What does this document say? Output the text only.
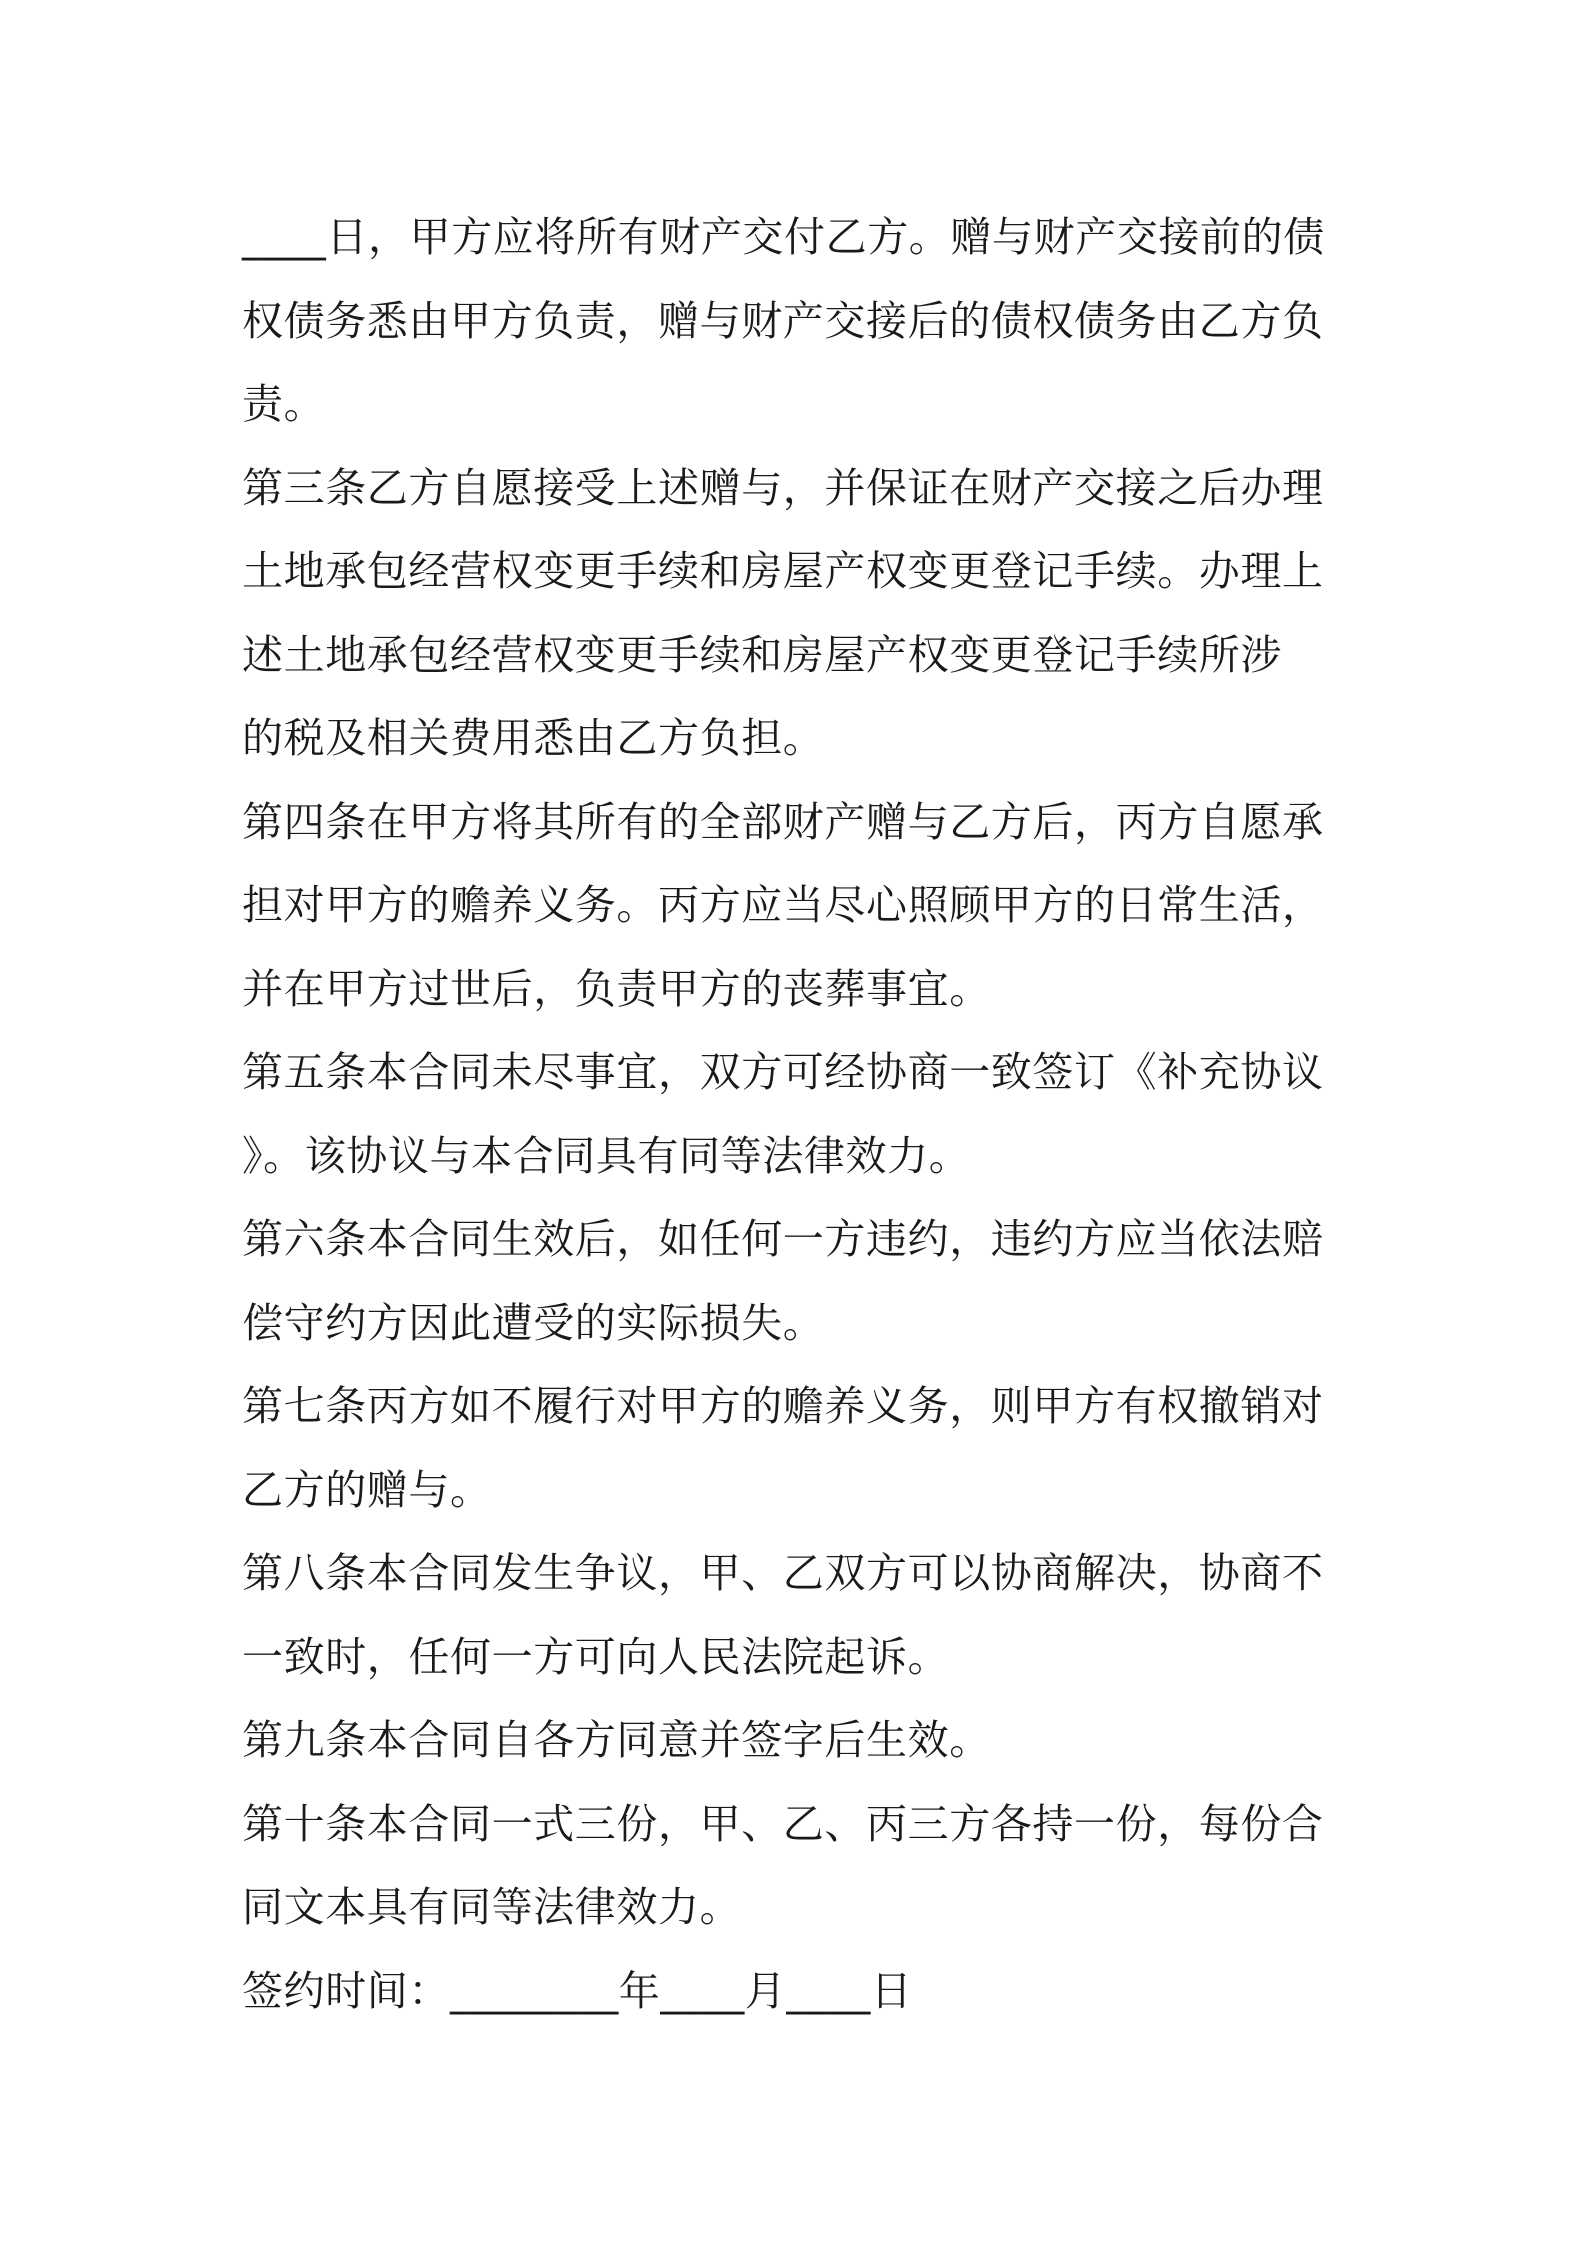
____日，甲方应将所有财产交付乙方。赠与财产交接前的债
权债务悉由甲方负责，赠与财产交接后的债权债务由乙方负
责。
第三条乙方自愿接受上述赠与，并保证在财产交接之后办理
土地承包经营权变更手续和房屋产权变更登记手续。办理上
述土地承包经营权变更手续和房屋产权变更登记手续所涉
的税及相关费用悉由乙方负担。
第四条在甲方将其所有的全部财产赠与乙方后，丙方自愿承
担对甲方的赡养义务。丙方应当尽心照顾甲方的日常生活，
并在甲方过世后，负责甲方的丧葬事宜。
第五条本合同未尽事宜，双方可经协商一致签订《补充协议
》。该协议与本合同具有同等法律效力。
第六条本合同生效后，如任何一方违约，违约方应当依法赔
偿守约方因此遭受的实际损失。
第七条丙方如不履行对甲方的赡养义务，则甲方有权撤销对
乙方的赠与。
第八条本合同发生争议，甲、乙双方可以协商解决，协商不
一致时，任何一方可向人民法院起诉。
第九条本合同自各方同意并签字后生效。
第十条本合同一式三份，甲、乙、丙三方各持一份，每份合
同文本具有同等法律效力。
签约时间：________年____月____日
